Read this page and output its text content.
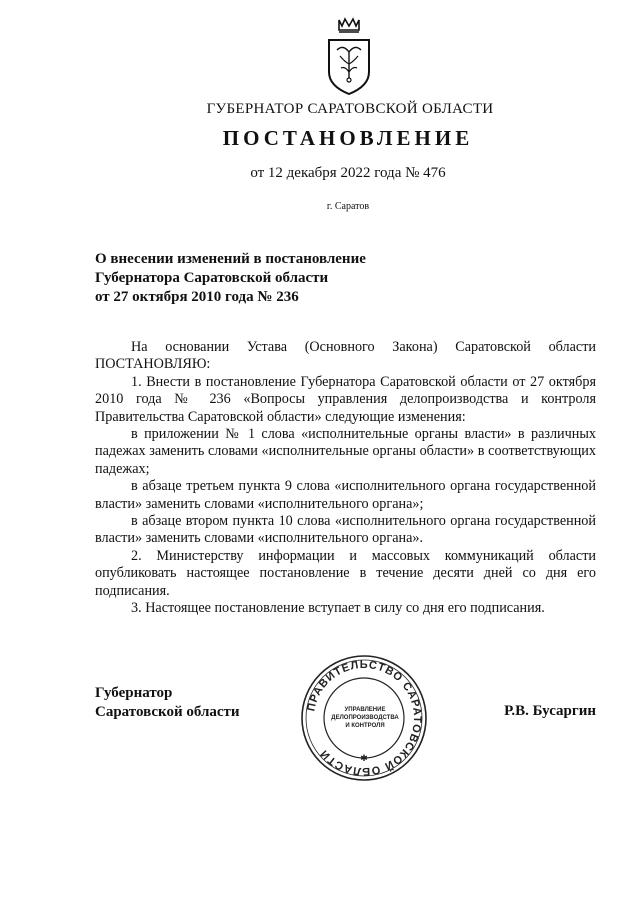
ГУБЕРНАТОР САРАТОВСКОЙ ОБЛАСТИ
ПОСТАНОВЛЕНИЕ
от 12 декабря 2022 года № 476
г. Саратов
О внесении изменений в постановление
Губернатора Саратовской области
от 27 октября 2010 года № 236

На основании Устава (Основного Закона) Саратовской области ПОСТАНОВЛЯЮ:

1. Внести в постановление Губернатора Саратовской области от 27 октября 2010 года № 236 «Вопросы управления делопроизводства и контроля Правительства Саратовской области» следующие изменения:

в приложении № 1 слова «исполнительные органы власти» в различных падежах заменить словами «исполнительные органы области» в соответствующих падежах;

в абзаце третьем пункта 9 слова «исполнительного органа государственной власти» заменить словами «исполнительного органа»;

в абзаце втором пункта 10 слова «исполнительного органа государственной власти» заменить словами «исполнительного органа».

2. Министерству информации и массовых коммуникаций области опубликовать настоящее постановление в течение десяти дней со дня его подписания.

3. Настоящее постановление вступает в силу со дня его подписания.

Губернатор
Саратовской области	ПРАВИТЕЛЬСТВО САРАТОВСКОЙ ОБЛАСТИ	✱
УПРАВЛЕНИЕ
ДЕЛОПРОИЗВОДСТВА
И КОНТРОЛЯ
Р.В. Бусаргин
